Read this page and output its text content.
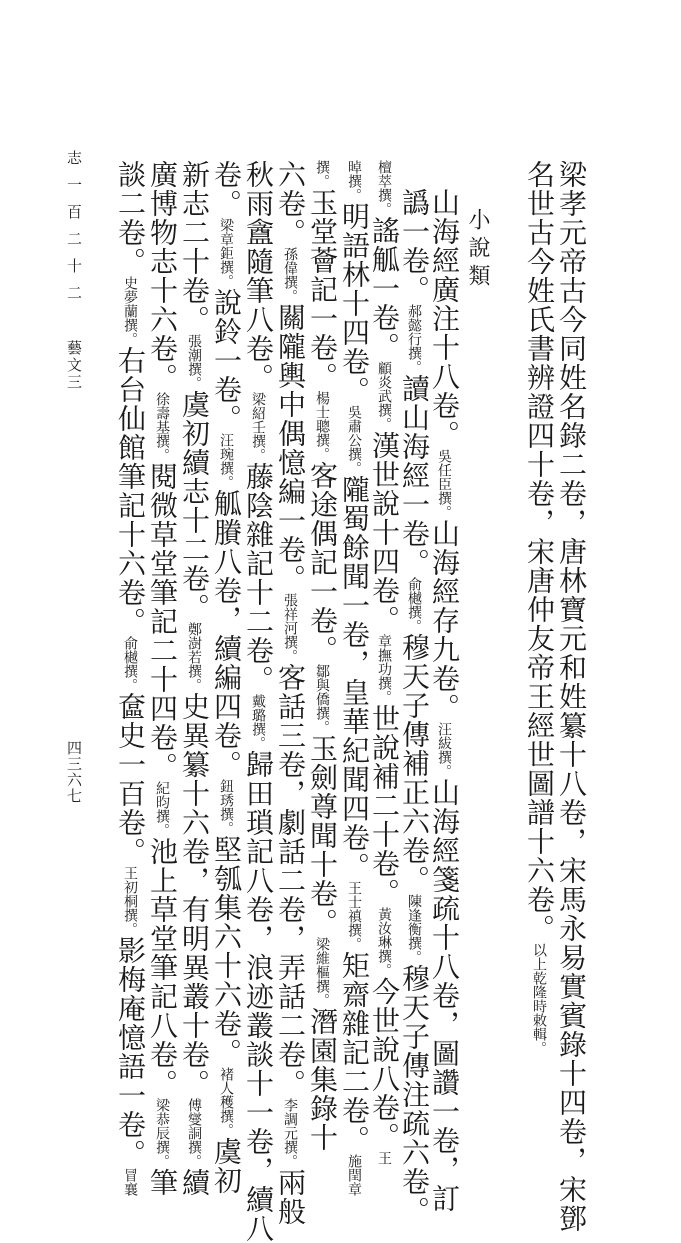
梁孝元帝古今同姓名錄二卷，唐林寶元和姓纂十八卷，宋馬永易實賓錄十四卷，宋鄧
名世古今姓氏書辨證四十卷，宋唐仲友帝王經世圖譜十六卷。以上乾隆時敕輯。
小說類
山海經廣注十八卷。吳任臣撰。山海經存九卷。汪紱撰。山海經箋疏十八卷，圖讚一卷，訂
譌一卷。郝懿行撰。讀山海經一卷。俞樾撰。穆天子傳補正六卷。陳逢衡撰。穆天子傳注疏六卷。
檀萃撰。謠觚一卷。顧炎武撰。漢世說十四卷。章撫功撰。世說補二十卷。黃汝琳撰。今世說八卷。王
晫撰。明語林十四卷。吳肅公撰。隴蜀餘聞一卷，皇華紀聞四卷。王士禛撰。矩齋雜記二卷。施閏章
撰。玉堂薈記一卷。楊士聰撰。客途偶記一卷。鄒與僑撰。玉劍尊聞十卷。梁維樞撰。潛園集錄十
六卷。孫偉撰。關隴輿中偶憶編一卷。張祥河撰。客話三卷，劇話二卷，弄話二卷。李調元撰。兩般
秋雨盦隨筆八卷。梁紹壬撰。藤陰雜記十二卷。戴璐撰。歸田瑣記八卷，浪迹叢談十一卷，續八
卷。梁章鉅撰。說鈴一卷。汪琬撰。觚賸八卷，續編四卷。鈕琇撰。堅瓠集六十六卷。褚人穫撰。虞初
新志二十卷。張潮撰。虞初續志十二卷。鄭澍若撰。史異纂十六卷，有明異叢十卷。傅燮詷撰。續
廣博物志十六卷。徐壽基撰。閱微草堂筆記二十四卷。紀昀撰。池上草堂筆記八卷。梁恭辰撰。筆
談二卷。史夢蘭撰。右台仙館筆記十六卷。俞樾撰。奩史一百卷。王初桐撰。影梅庵憶語一卷。冒襄
志一百二十二
藝文三
四三六七
